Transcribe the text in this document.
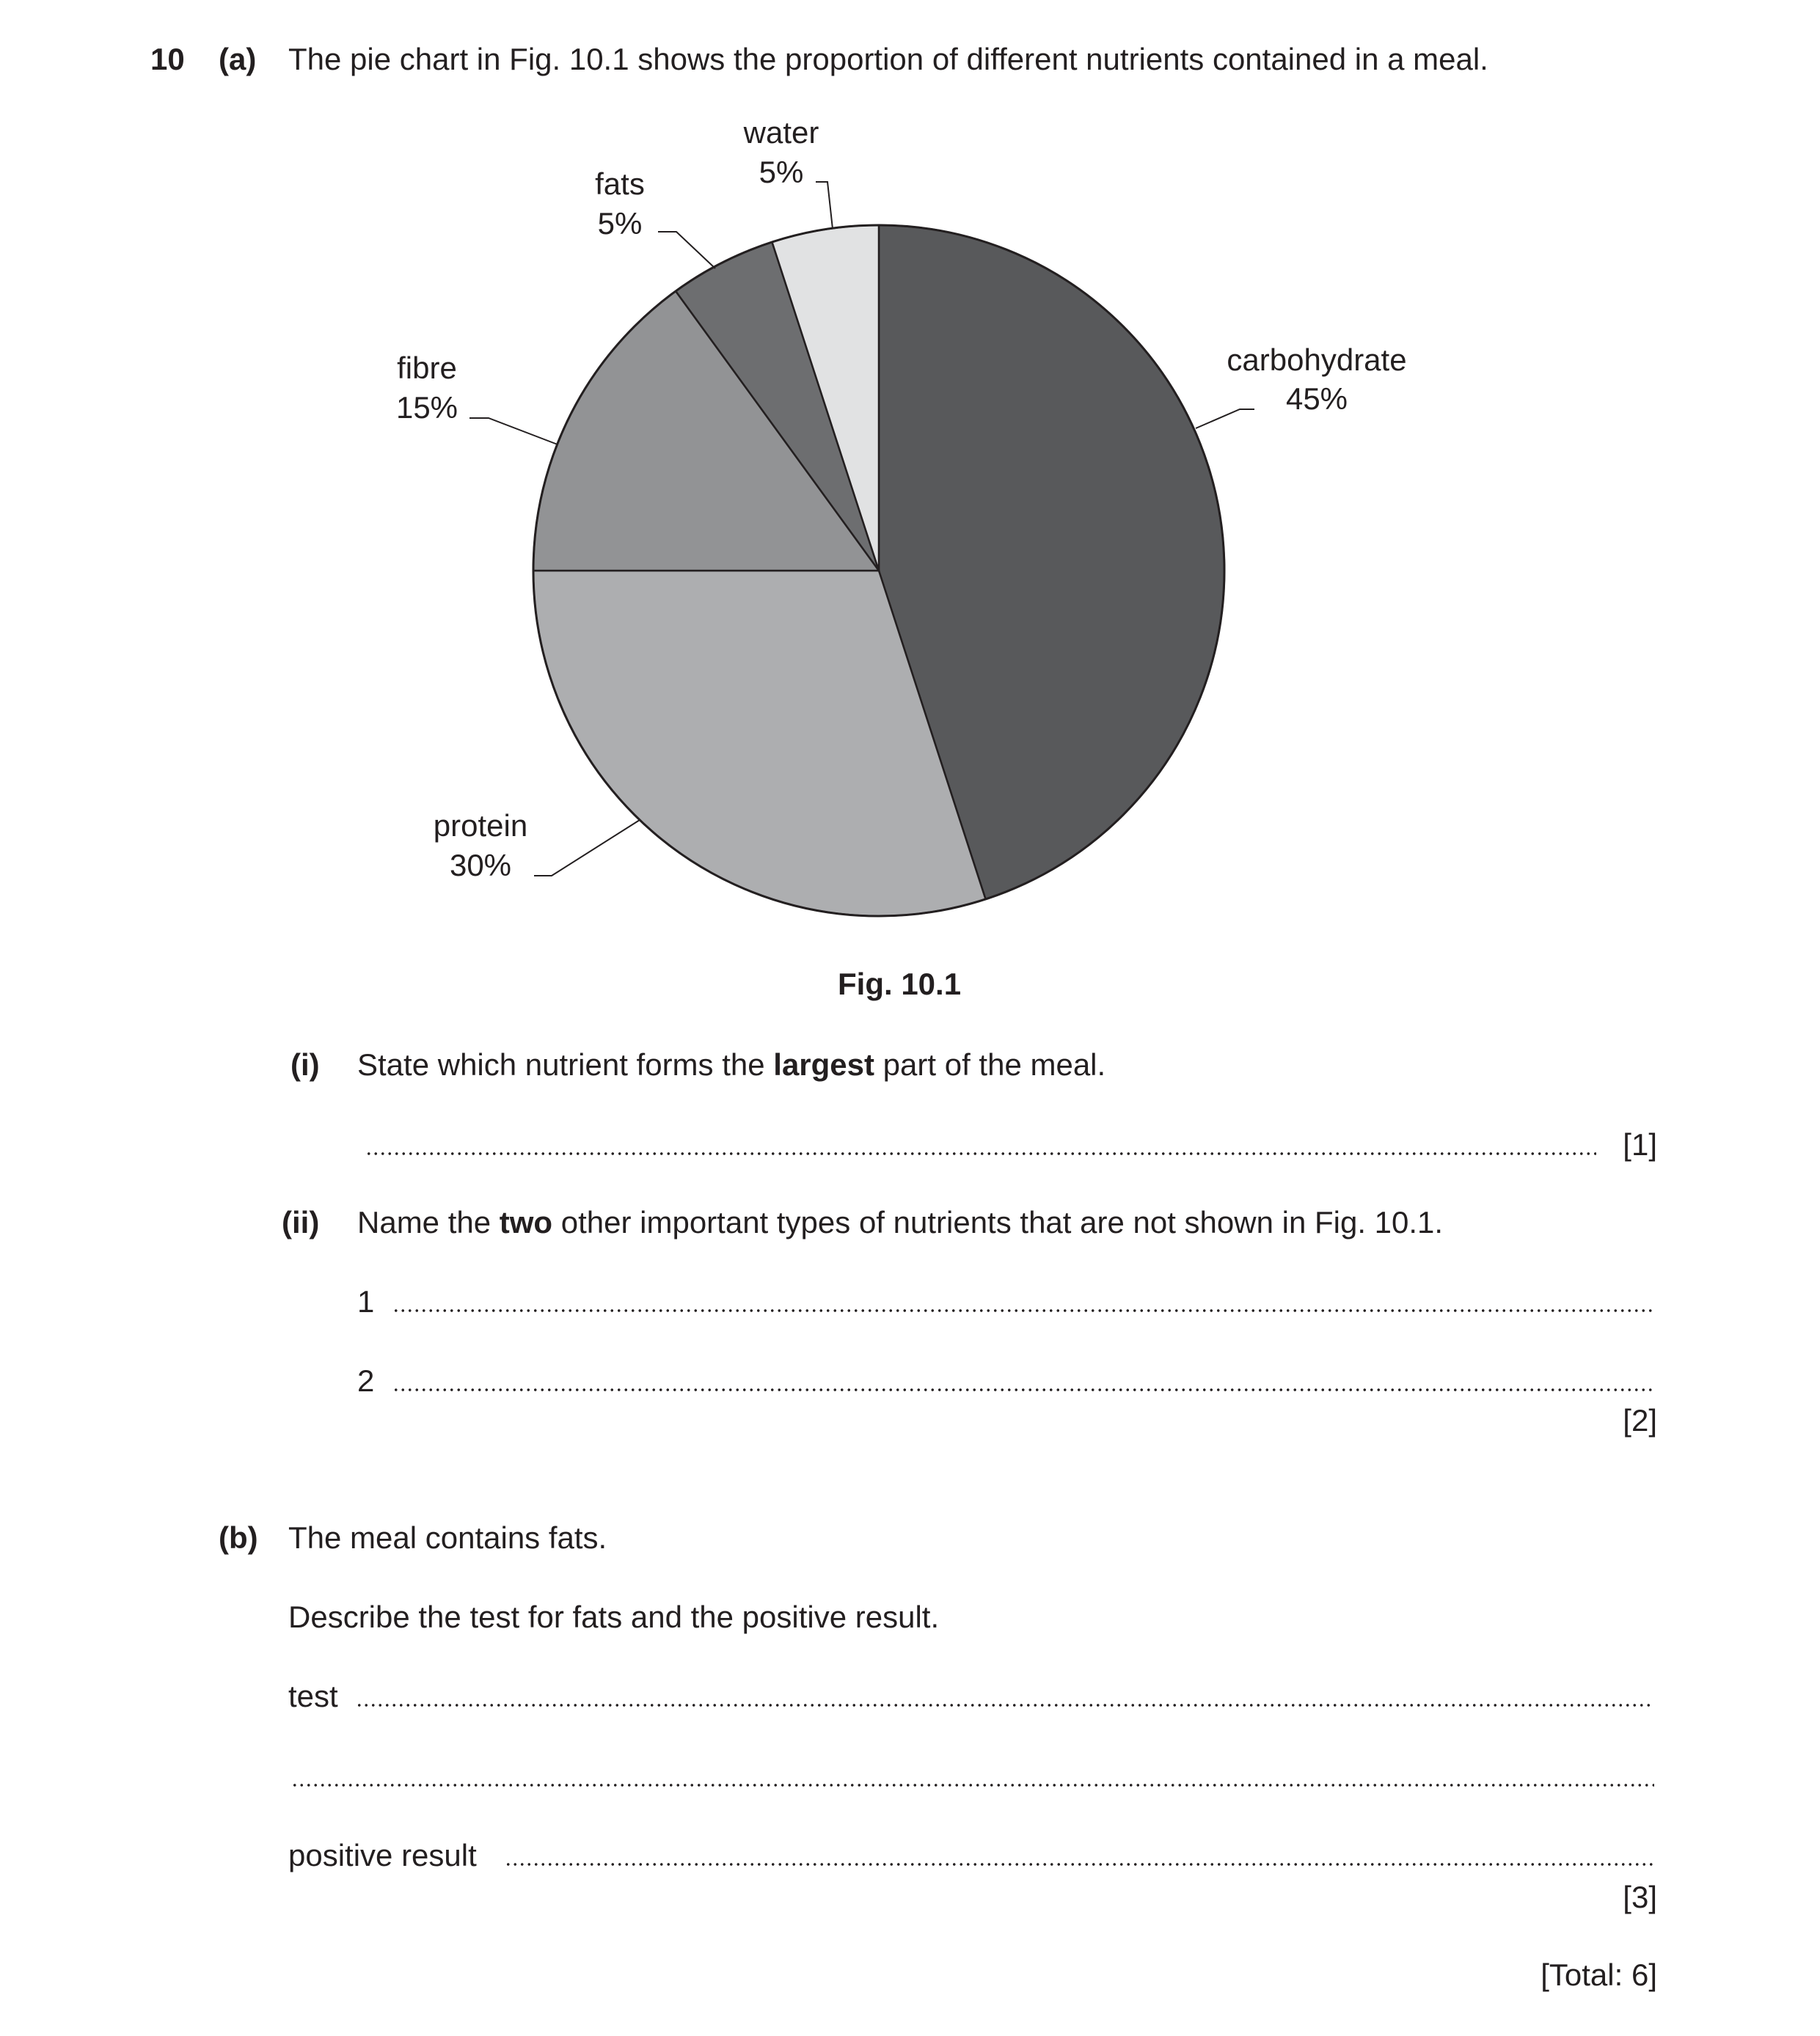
10 (a) The pie chart in Fig. 10.1 shows the proportion of different nutrients contained in a meal.
carbohydrate
45%
protein
30%
fibre
15%
fats
5%
water
5%
Fig. 10.1
(i) State which nutrient forms the largest part of the meal.
[1]
(ii) Name the two other important types of nutrients that are not shown in Fig. 10.1.
1
2
[2]
(b) The meal contains fats.
Describe the test for fats and the positive result.
test
positive result
[3]
[Total: 6]
